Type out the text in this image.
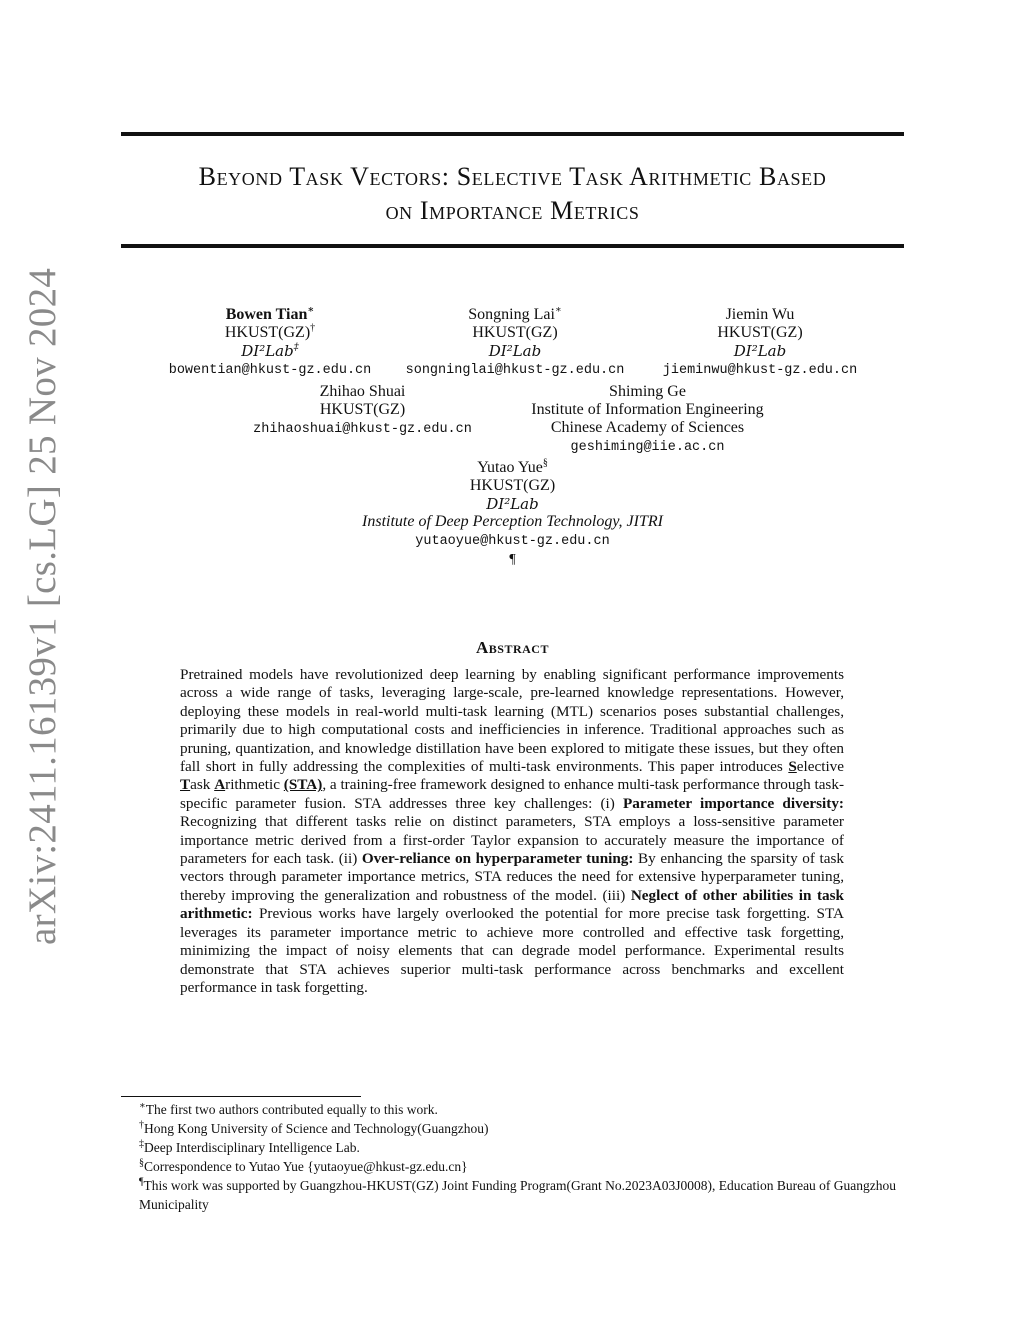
arXiv:2411.16139v1 [cs.LG] 25 Nov 2024
Beyond Task Vectors: Selective Task Arithmetic Based
on Importance Metrics
Bowen Tian∗
HKUST(GZ)†
DI²Lab‡
bowentian@hkust-gz.edu.cn
Songning Lai∗
HKUST(GZ)
DI²Lab
songninglai@hkust-gz.edu.cn
Jiemin Wu
HKUST(GZ)
DI²Lab
jieminwu@hkust-gz.edu.cn
Zhihao Shuai
HKUST(GZ)
zhihaoshuai@hkust-gz.edu.cn
Shiming Ge
Institute of Information Engineering
Chinese Academy of Sciences
geshiming@iie.ac.cn
Yutao Yue§
HKUST(GZ)
DI²Lab
Institute of Deep Perception Technology, JITRI
yutaoyue@hkust-gz.edu.cn
¶
Abstract
Pretrained models have revolutionized deep learning by enabling significant performance improvements across a wide range of tasks, leveraging large-scale, pre-learned knowledge representations. However, deploying these models in real-world multi-task learning (MTL) scenarios poses substantial challenges, primarily due to high computational costs and inefficiencies in inference. Traditional approaches such as pruning, quantization, and knowledge distillation have been explored to mitigate these issues, but they often fall short in fully addressing the complexities of multi-task environments. This paper introduces Selective Task Arithmetic (STA), a training-free framework designed to enhance multi-task performance through task-specific parameter fusion. STA addresses three key challenges: (i) Parameter importance diversity: Recognizing that different tasks relie on distinct parameters, STA employs a loss-sensitive parameter importance metric derived from a first-order Taylor expansion to accurately measure the importance of parameters for each task. (ii) Over-reliance on hyperparameter tuning: By enhancing the sparsity of task vectors through parameter importance metrics, STA reduces the need for extensive hyperparameter tuning, thereby improving the generalization and robustness of the model. (iii) Neglect of other abilities in task arithmetic: Previous works have largely overlooked the potential for more precise task forgetting. STA leverages its parameter importance metric to achieve more controlled and effective task forgetting, minimizing the impact of noisy elements that can degrade model performance. Experimental results demonstrate that STA achieves superior multi-task performance across benchmarks and excellent performance in task forgetting.
∗The first two authors contributed equally to this work.
†Hong Kong University of Science and Technology(Guangzhou)
‡Deep Interdisciplinary Intelligence Lab.
§Correspondence to Yutao Yue {yutaoyue@hkust-gz.edu.cn}
¶This work was supported by Guangzhou-HKUST(GZ) Joint Funding Program(Grant No.2023A03J0008), Education Bureau of Guangzhou Municipality
